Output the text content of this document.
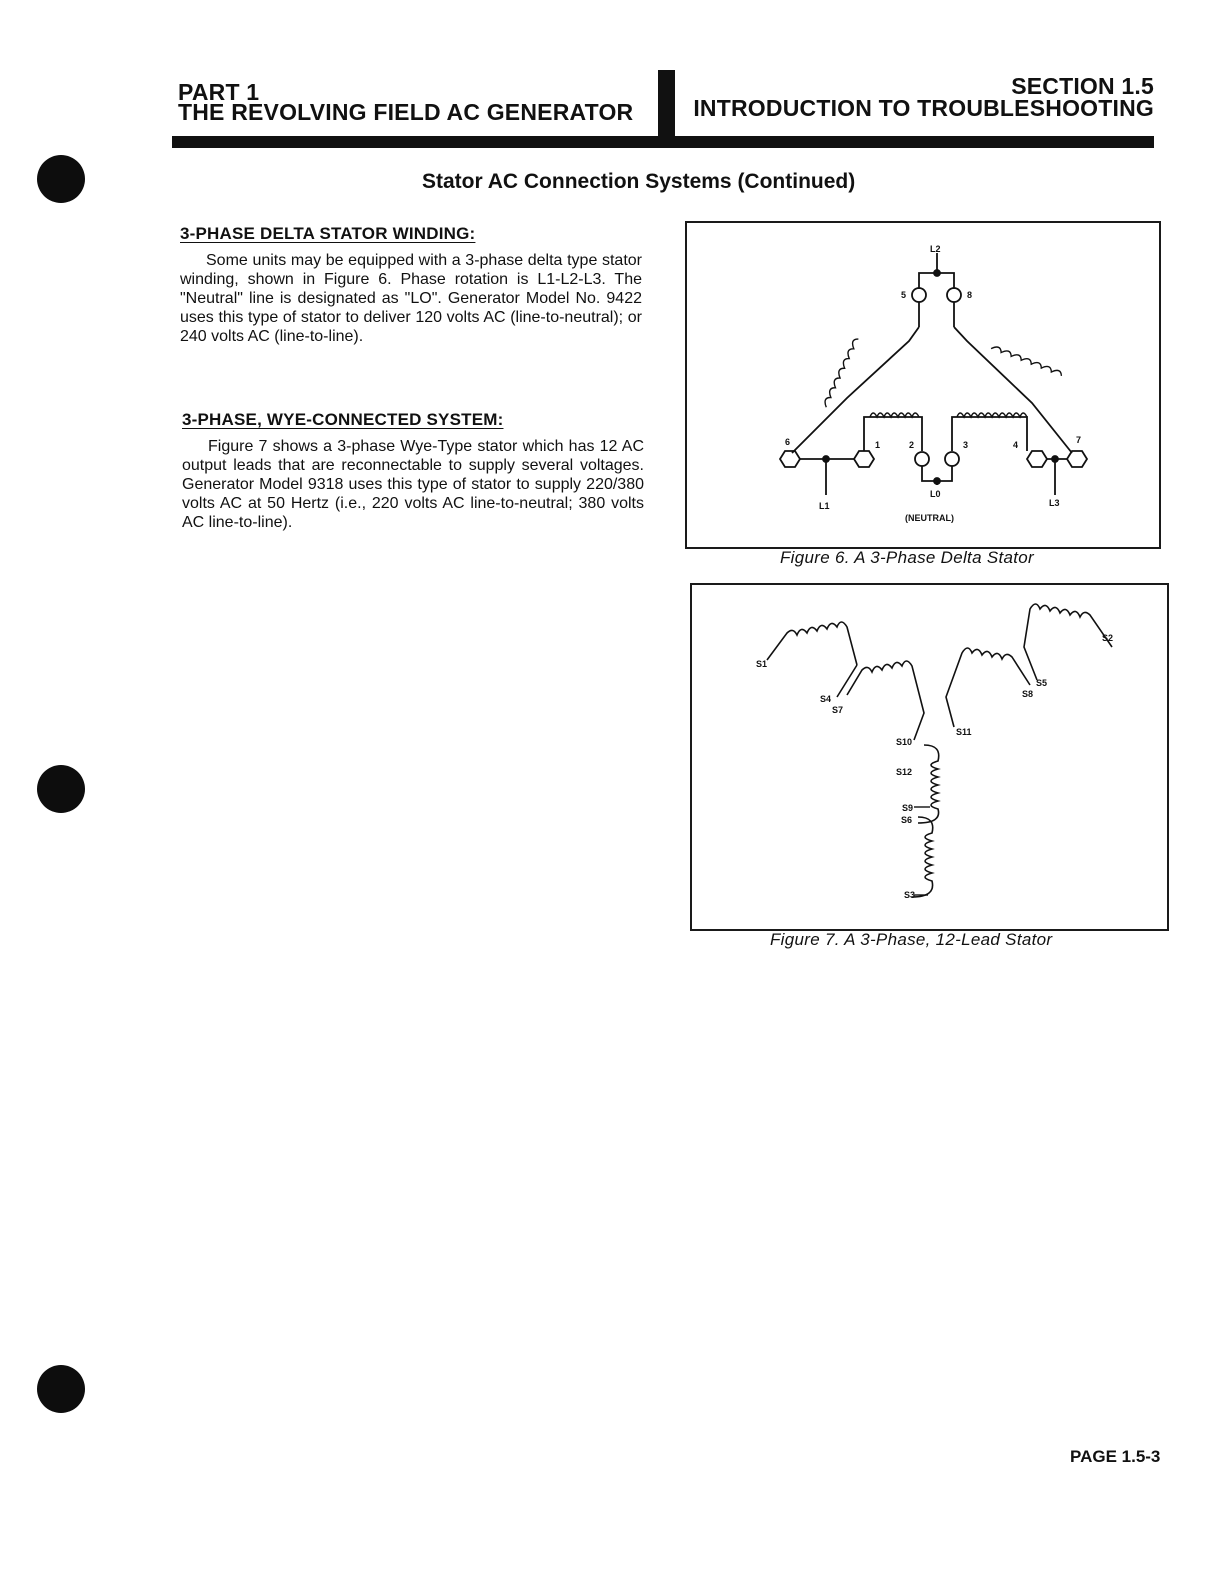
PART 1
THE REVOLVING FIELD AC GENERATOR
SECTION 1.5
INTRODUCTION TO TROUBLESHOOTING
Stator AC Connection Systems (Continued)
3-PHASE DELTA STATOR WINDING:
Some units may be equipped with a 3-phase delta type stator winding, shown in Figure 6. Phase rotation is L1-L2-L3. The "Neutral" line is designated as "LO". Generator Model No. 9422 uses this type of stator to deliver 120 volts AC (line-to-neutral); or 240 volts AC (line-to-line).
3-PHASE, WYE-CONNECTED SYSTEM:
Figure 7 shows a 3-phase Wye-Type stator which has 12 AC output leads that are reconnectable to supply several voltages. Generator Model 9318 uses this type of stator to supply 220/380 volts AC at 50 Hertz (i.e., 220 volts AC line-to-neutral; 380 volts AC line-to-line).
L2
5	8
6	1	2	3	4	7
L1
L0
(NEUTRAL)
L3
Figure 6. A 3-Phase Delta Stator
S1
S4
S7
S2
S5
S8
S10
S11
S12
S9
S6
S3
Figure 7. A 3-Phase, 12-Lead Stator
PAGE 1.5-3
